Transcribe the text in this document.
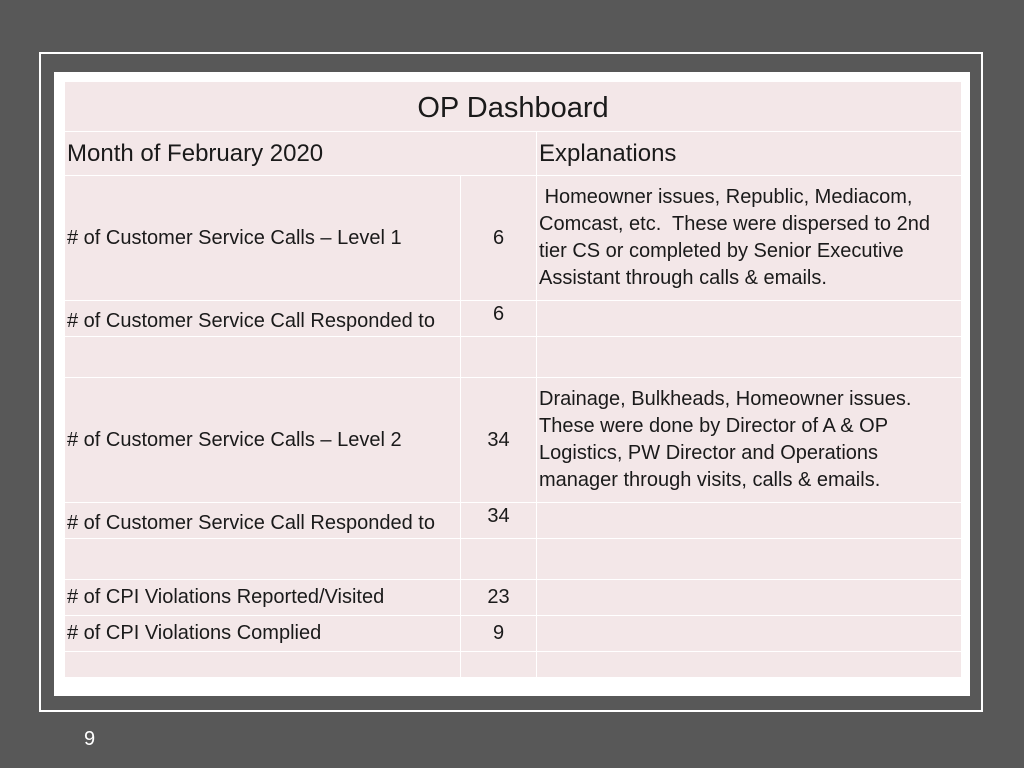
OP Dashboard		
Month of February 2020		Explanations
# of Customer Service Calls – Level 1	6	Homeowner issues, Republic, Mediacom, Comcast, etc.  These were dispersed to 2nd tier CS or completed by Senior Executive Assistant through calls & emails.
# of Customer Service Call Responded to	6	

# of Customer Service Calls – Level 2	34	Drainage, Bulkheads, Homeowner issues.  These were done by Director of A & OP Logistics, PW Director and Operations manager through visits, calls & emails.
# of Customer Service Call Responded to	34	

# of CPI Violations Reported/Visited	23	
# of CPI Violations Complied	9	

9
